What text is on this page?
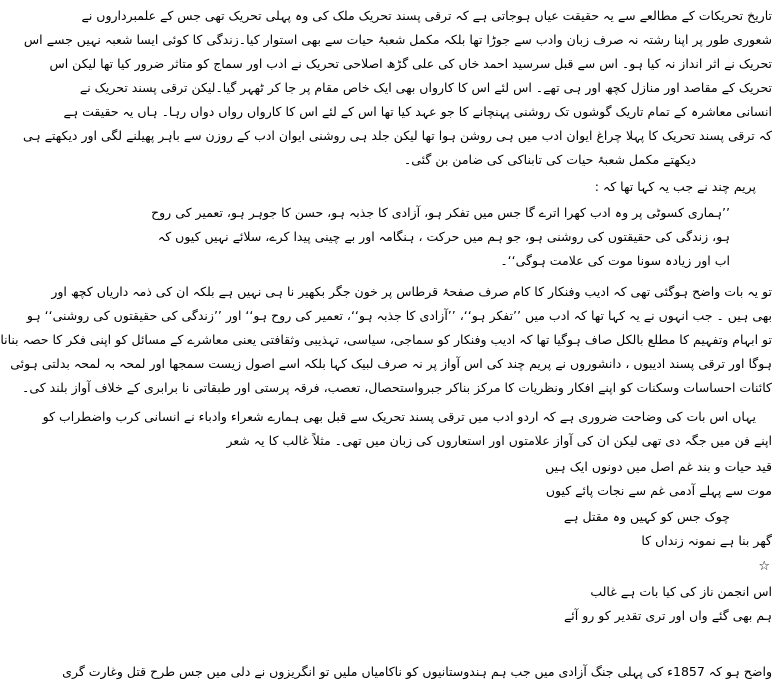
تاریخ تحریکات کے مطالعے سے یہ حقیقت عیاں ہوجاتی ہے کہ ترقی پسند تحریک ملک کی وہ پہلی تحریک تھی جس کے علمبرداروں نے

شعوری طور پر اپنا رشتہ نہ صرف زبان وادب سے جوڑا تھا بلکہ مکمل شعبۂ حیات سے بھی استوار کیا۔زندگی کا کوئی ایسا شعبہ نہیں جسے اس

تحریک نے اثر انداز نہ کیا ہو۔ اس سے قبل سرسید احمد خاں کی علی گڑھ اصلاحی تحریک نے ادب اور سماج کو متاثر ضرور کیا تھا لیکن اس

تحریک کے مقاصد اور منازل کچھ اور ہی تھے۔ اس لئے اس کا کارواں بھی ایک خاص مقام پر جا کر ٹھہر گیا۔لیکن ترقی پسند تحریک نے

انسانی معاشرہ کے تمام تاریک گوشوں تک روشنی پہنچانے کا جو عہد کیا تھا اس کے لئے اس کا کارواں رواں دواں رہا۔ ہاں یہ حقیقت ہے

کہ ترقی پسند تحریک کا پہلا چراغ ایوان ادب میں ہی روشن ہوا تھا لیکن جلد ہی روشنی ایوان ادب کے روزن سے باہر پھیلنے لگی اور دیکھتے ہی

دیکھتے مکمل شعبۂ حیات کی تابناکی کی ضامن بن گئی۔

پریم چند نے جب یہ کہا تھا کہ :

’’ہماری کسوٹی پر وہ ادب کھرا اترے گا جس میں تفکر ہو، آزادی کا جذبہ ہو، حسن کا جوہر ہو، تعمیر کی روح

ہو، زندگی کی حقیقتوں کی روشنی ہو، جو ہم میں حرکت ، ہنگامہ اور بے چینی پیدا کرے، سلائے نہیں کیوں کہ

اب اور زیادہ سونا موت کی علامت ہوگی‘‘۔

تو یہ بات واضح ہوگئی تھی کہ ادیب وفنکار کا کام صرف صفحۂ قرطاس پر خون جگر بکھیر نا ہی نہیں ہے بلکہ ان کی ذمہ داریاں کچھ اور

بھی ہیں ۔ جب انہوں نے یہ کہا تھا کہ ادب میں ’’تفکر ہو‘‘، ’’آزادی کا جذبہ ہو‘‘، تعمیر کی روح ہو‘‘ اور ’’زندگی کی حقیقتوں کی روشنی‘‘ ہو

تو ابہام وتفہیم کا مطلع بالکل صاف ہوگیا تھا کہ ادیب وفنکار کو سماجی، سیاسی، تہذیبی وثقافتی یعنی معاشرے کے مسائل کو اپنی فکر کا حصہ بنانا

ہوگا اور ترقی پسند ادیبوں ، دانشوروں نے پریم چند کی اس آواز پر نہ صرف لبیک کہا بلکہ اسے اصول زیست سمجھا اور لمحہ بہ لمحہ بدلتی ہوئی

کائنات احساسات وسکنات کو اپنے افکار ونظریات کا مرکز بناکر جبرواستحصال، تعصب، فرقہ پرستی اور طبقاتی نا برابری کے خلاف آواز بلند کی۔

یہاں اس بات کی وضاحت ضروری ہے کہ اردو ادب میں ترقی پسند تحریک سے قبل بھی ہمارے شعراء وادباء نے انسانی کرب واضطراب کو

اپنے فن میں جگہ دی تھی لیکن ان کی آواز علامتوں اور استعاروں کی زبان میں تھی۔ مثلاً غالب کا یہ شعر

قید حیات و بند غم اصل میں دونوں ایک ہیں

موت سے پہلے آدمی غم سے نجات پائے کیوں

چوک جس کو کہیں وہ مقتل ہے

گھر بنا ہے نمونہ زنداں کا

☆

اس انجمن ناز کی کیا بات ہے غالب

ہم بھی گئے واں اور تری تقدیر کو رو آئے

واضح ہو کہ 1857ء کی پہلی جنگ آزادی میں جب ہم ہندوستانیوں کو ناکامیاں ملیں تو انگریزوں نے دلی میں جس طرح قتل وغارت گری
